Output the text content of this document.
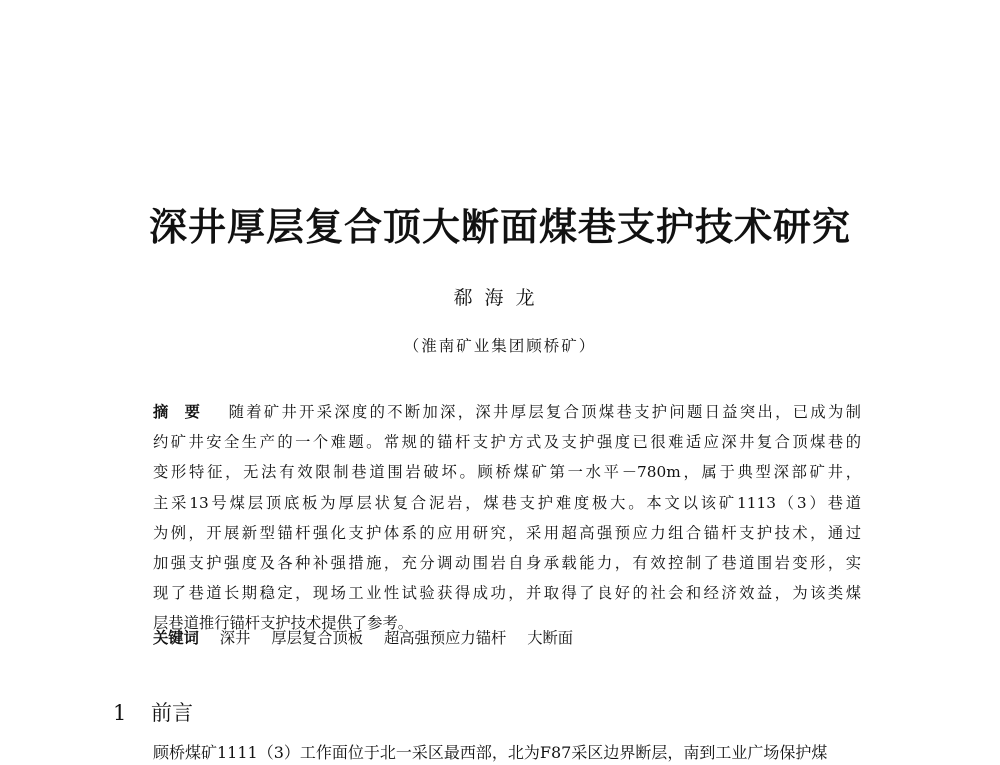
深井厚层复合顶大断面煤巷支护技术研究
郗海龙
（淮南矿业集团顾桥矿）
摘要 随着矿井开采深度的不断加深，深井厚层复合顶煤巷支护问题日益突出，已成为制
约矿井安全生产的一个难题。常规的锚杆支护方式及支护强度已很难适应深井复合顶煤巷的
变形特征，无法有效限制巷道围岩破坏。顾桥煤矿第一水平－780m，属于典型深部矿井，
主采13号煤层顶底板为厚层状复合泥岩，煤巷支护难度极大。本文以该矿1113（3）巷道
为例，开展新型锚杆强化支护体系的应用研究，采用超高强预应力组合锚杆支护技术，通过
加强支护强度及各种补强措施，充分调动围岩自身承载能力，有效控制了巷道围岩变形，实
现了巷道长期稳定，现场工业性试验获得成功，并取得了良好的社会和经济效益，为该类煤
层巷道推行锚杆支护技术提供了参考。
关键词 深井 厚层复合顶板 超高强预应力锚杆 大断面
1 前言
顾桥煤矿1111（3）工作面位于北一采区最西部，北为F87采区边界断层，南到工业广场保护煤
